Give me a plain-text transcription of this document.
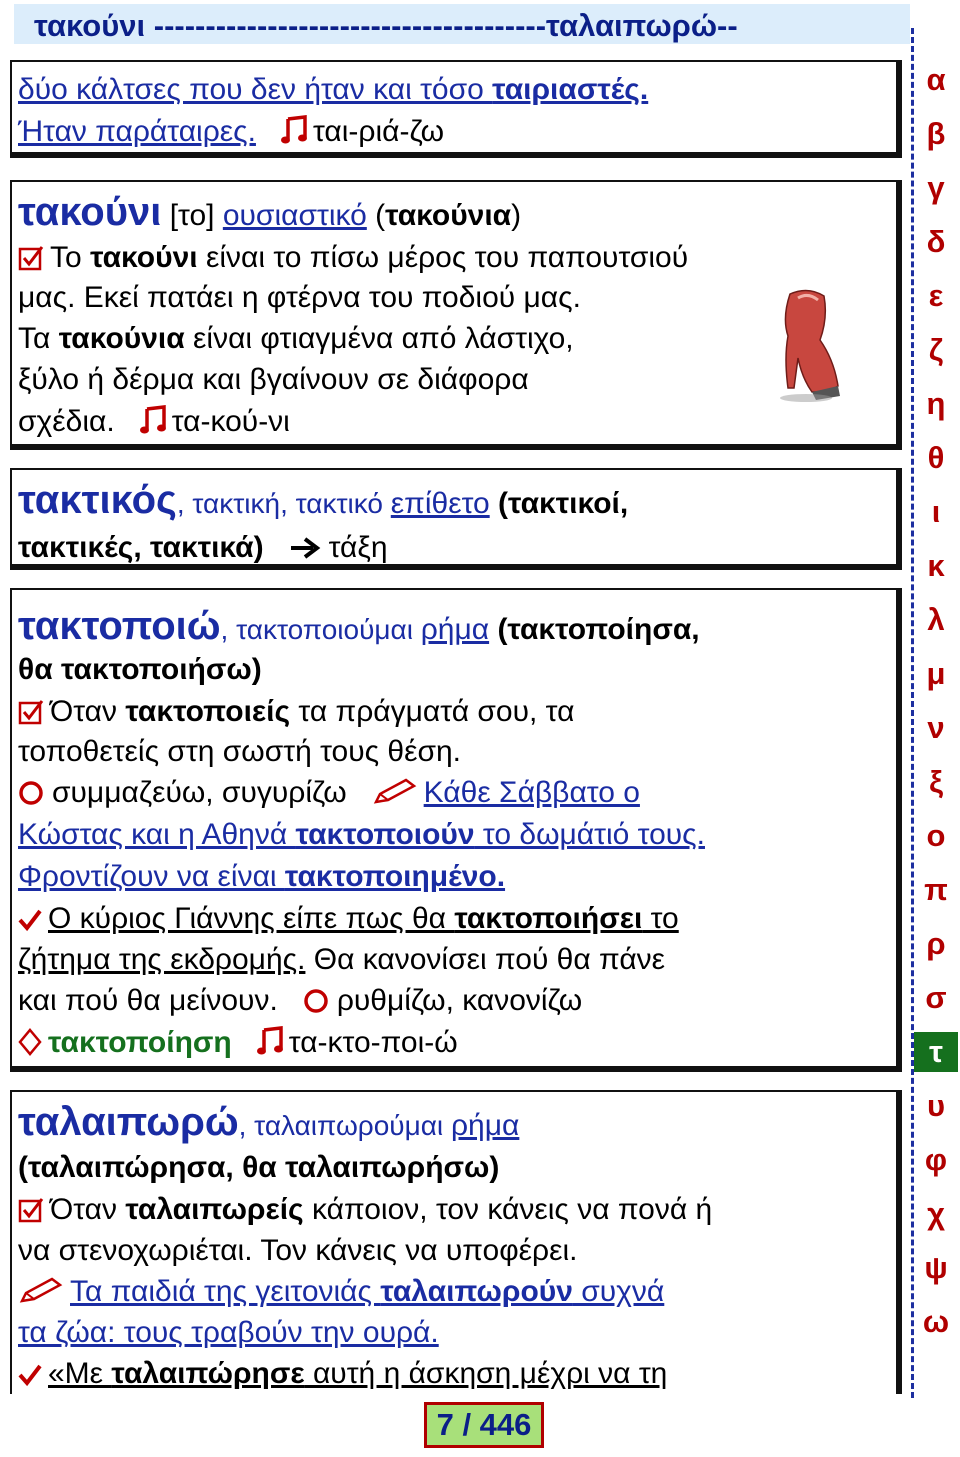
τακούνι --------------------------------------ταλαιπωρώ--
δύο κάλτσες που δεν ήταν και τόσο ταιριαστές.
Ήταν παράταιρες. ται-ριά-ζω
τακούνι [το] ουσιαστικό (τακούνια)
Το τακούνι είναι το πίσω μέρος του παπουτσιού
μας. Εκεί πατάει η φτέρνα του ποδιού μας.
Τα τακούνια είναι φτιαγμένα από λάστιχο,
ξύλο ή δέρμα και βγαίνουν σε διάφορα
σχέδια. τα-κού-νι
τακτικός, τακτική, τακτικό επίθετο (τακτικοί,
τακτικές, τακτικά) τάξη
τακτοποιώ, τακτοποιούμαι ρήμα (τακτοποίησα,
θα τακτοποιήσω)
Όταν τακτοποιείς τα πράγματά σου, τα
τοποθετείς στη σωστή τους θέση.
συμμαζεύω, συγυρίζω	Κάθε Σάββατο ο
Κώστας και η Αθηνά τακτοποιούν το δωμάτιό τους.
Φροντίζουν να είναι τακτοποιημένο.
Ο κύριος Γιάννης είπε πως θα τακτοποιήσει το
ζήτημα της εκδρομής. Θα κανονίσει πού θα πάνε
και πού θα μείνουν. ρυθμίζω, κανονίζω
τακτοποίηση τα-κτο-ποι-ώ
ταλαιπωρώ, ταλαιπωρούμαι ρήμα
(ταλαιπώρησα, θα ταλαιπωρήσω)
Όταν ταλαιπωρείς κάποιον, τον κάνεις να πονά ή
να στενοχωριέται. Τον κάνεις να υποφέρει.
Τα παιδιά της γειτονιάς ταλαιπωρούν συχνά
τα ζώα: τους τραβούν την ουρά.
«Με ταλαιπώρησε αυτή η άσκηση μέχρι να τη
α
β
γ
δ
ε
ζ
η
θ
ι
κ
λ
μ
ν
ξ
ο
π
ρ
σ
τ
υ
φ
χ
ψ
ω
7 / 446
